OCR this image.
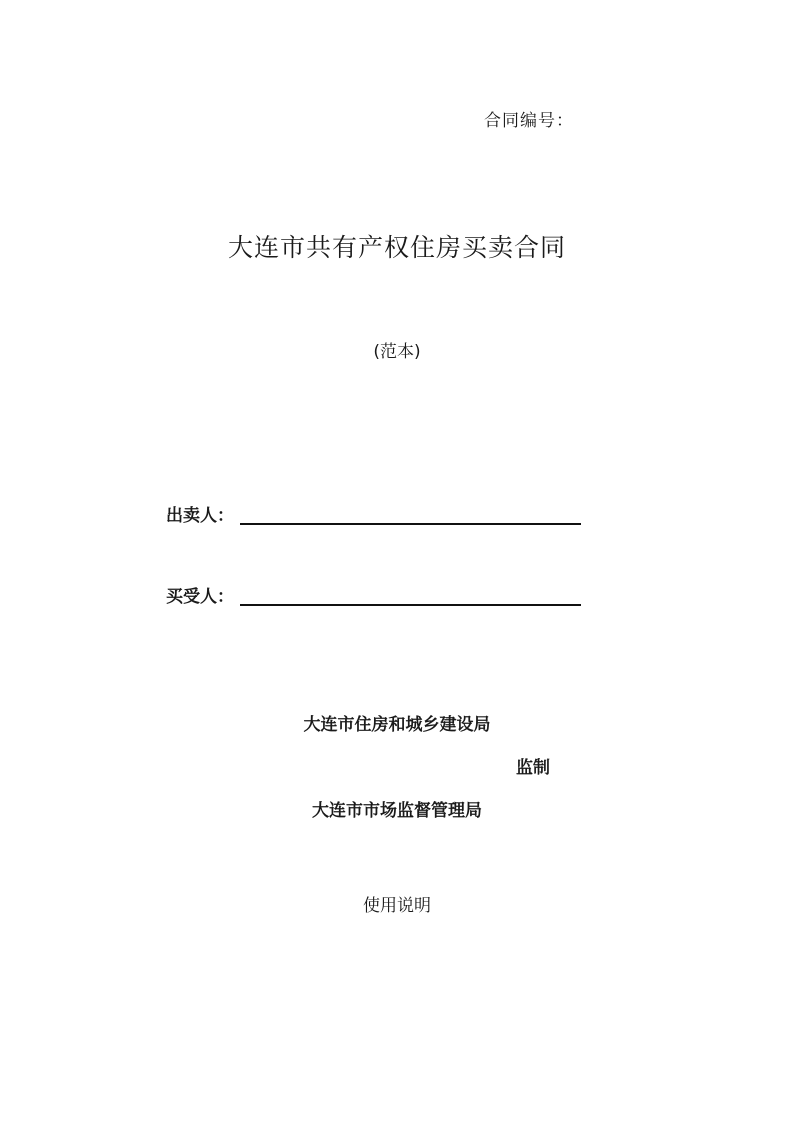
合同编号：
大连市共有产权住房买卖合同
(范本)
出卖人：
买受人：
大连市住房和城乡建设局
监制
大连市市场监督管理局
使用说明
